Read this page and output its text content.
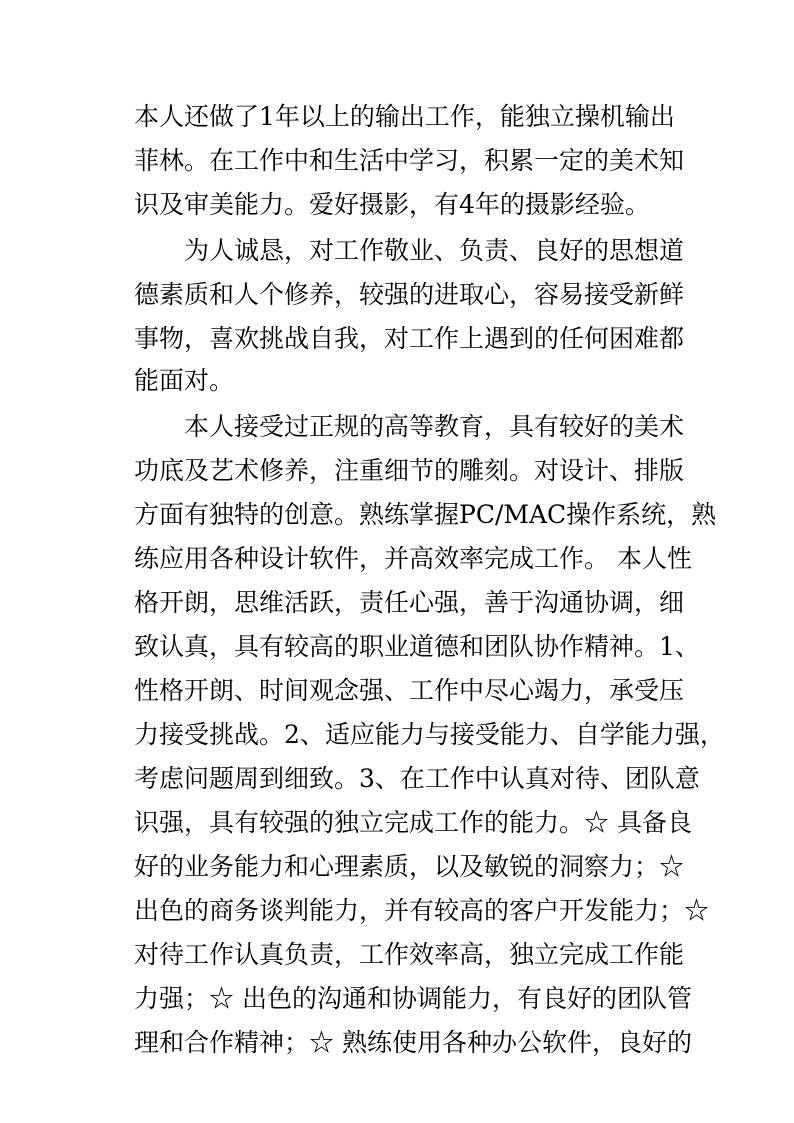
本人还做了1年以上的输出工作，能独立操机输出
菲林。在工作中和生活中学习，积累一定的美术知
识及审美能力。爱好摄影，有4年的摄影经验。
为人诚恳，对工作敬业、负责、良好的思想道
德素质和人个修养，较强的进取心，容易接受新鲜
事物，喜欢挑战自我，对工作上遇到的任何困难都
能面对。
本人接受过正规的高等教育，具有较好的美术
功底及艺术修养，注重细节的雕刻。对设计、排版
方面有独特的创意。熟练掌握PC/MAC操作系统，熟
练应用各种设计软件，并高效率完成工作。 本人性
格开朗，思维活跃，责任心强，善于沟通协调，细
致认真，具有较高的职业道德和团队协作精神。1、
性格开朗、时间观念强、工作中尽心竭力，承受压
力接受挑战。2、适应能力与接受能力、自学能力强，
考虑问题周到细致。3、在工作中认真对待、团队意
识强，具有较强的独立完成工作的能力。☆ 具备良
好的业务能力和心理素质，以及敏锐的洞察力；☆
出色的商务谈判能力，并有较高的客户开发能力；☆
对待工作认真负责，工作效率高，独立完成工作能
力强；☆ 出色的沟通和协调能力，有良好的团队管
理和合作精神；☆ 熟练使用各种办公软件，良好的
